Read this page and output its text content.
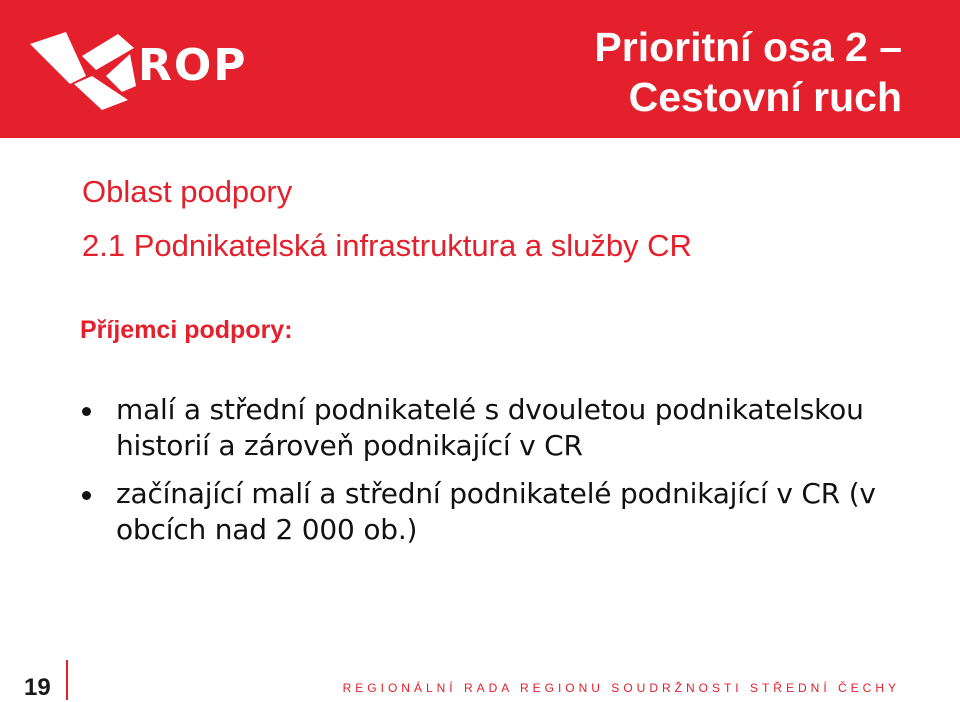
ROP	Prioritní osa 2 –
Cestovní ruch
Oblast podpory
2.1 Podnikatelská infrastruktura a služby CR
Příjemci podpory:
malí a střední podnikatelé s dvouletou podnikatelskou historií a zároveň podnikající v CR
začínající malí a střední podnikatelé podnikající v CR (v obcích nad 2 000 ob.)
19	REGIONÁLNÍ RADA REGIONU SOUDRŽNOSTI STŘEDNÍ ČECHY
